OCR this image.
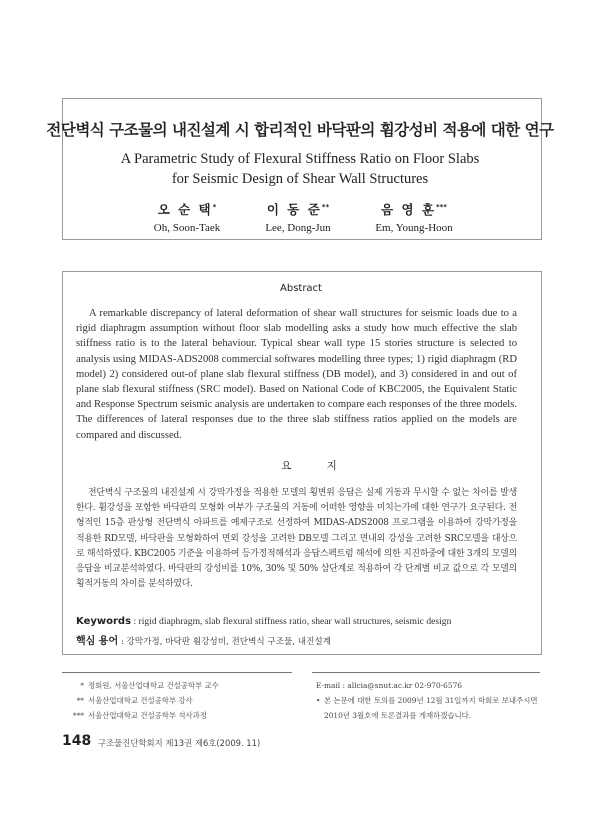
전단벽식 구조물의 내진설계 시 합리적인 바닥판의 휨강성비 적용에 대한 연구
A Parametric Study of Flexural Stiffness Ratio on Floor Slabs
for Seismic Design of Shear Wall Structures
오 순 택*
Oh, Soon-Taek
이 동 준**
Lee, Dong-Jun
음 영 훈***
Em, Young-Hoon
Abstract
A remarkable discrepancy of lateral deformation of shear wall structures for seismic loads due to a rigid diaphragm assumption without floor slab modelling asks a study how much effective the slab stiffness ratio is to the lateral behaviour. Typical shear wall type 15 stories structure is selected to analysis using MIDAS-ADS2008 commercial softwares modelling three types; 1) rigid diaphragm (RD model) 2) considered out-of plane slab flexural stiffness (DB model), and 3) considered in and out of plane slab flexural stiffness (SRC model). Based on National Code of KBC2005, the Equivalent Static and Response Spectrum seismic analysis are undertaken to compare each responses of the three models. The differences of lateral responses due to the three slab stiffness ratios applied on the models are compared and discussed.
요 지
전단벽식 구조물의 내진설계 시 강막가정을 적용한 모델의 횡변위 응답은 실제 거동과 무시할 수 없는 차이를 발생한다. 휨강성을 포함한 바닥판의 모형화 여부가 구조물의 거동에 어떠한 영향을 미치는가에 대한 연구가 요구된다. 전형적인 15층 판상형 전단벽식 아파트를 예제구조로 선정하여 MIDAS-ADS2008 프로그램을 이용하여 강막가정을 적용한 RD모델, 바닥판을 모형화하여 면외 강성을 고려한 DB모델 그리고 면내외 강성을 고려한 SRC모델을 대상으로 해석하였다. KBC2005 기준을 이용하여 등가정적해석과 응답스펙트럼 해석에 의한 지진하중에 대한 3개의 모델의 응답을 비교분석하였다. 바닥판의 강성비를 10%, 30% 및 50% 삼단계로 적용하여 각 단계별 비교 값으로 각 모델의 횡적거동의 차이를 분석하였다.
Keywords : rigid diaphragm, slab flexural stiffness ratio, shear wall structures, seismic design
핵심 용어 : 강막가정, 바닥판 휨강성비, 전단벽식 구조물, 내진설계
* 정회원, 서울산업대학교 건설공학부 교수
** 서울산업대학교 건설공학부 강사
*** 서울산업대학교 건설공학부 석사과정
E-mail : allcia@snut.ac.kr 02-970-6576
• 본 논문에 대한 토의를 2009년 12월 31일까지 학회로 보내주시면
2010년 3월호에 토론결과를 게재하겠습니다.
148 구조물진단학회지 제13권 제6호(2009. 11)
